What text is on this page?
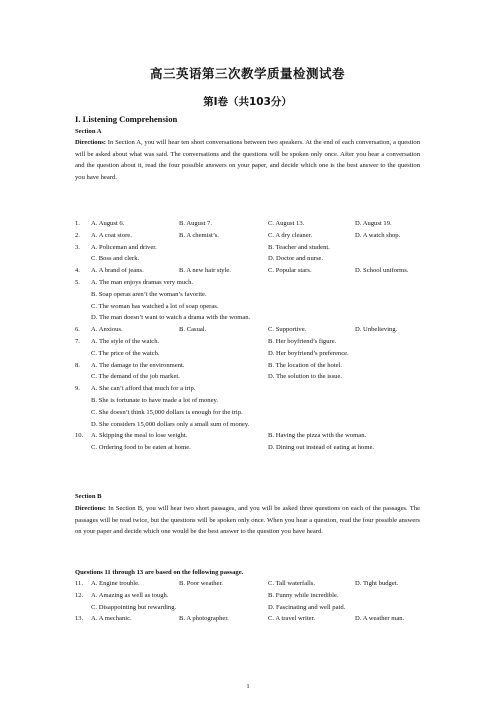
高三英语第三次教学质量检测试卷
第I卷（共103分）
I. Listening Comprehension
Section A
Directions: In Section A, you will hear ten short conversations between two speakers. At the end of each conversation, a question will be asked about what was said. The conversations and the questions will be spoken only once. After you hear a conversation and the question about it, read the four possible answers on your paper, and decide which one is the best answer to the question you have heard.
1. A. August 6.	B. August 7.	C. August 13.	D. August 19.
2. A. A coat store.	B. A chemist’s.	C. A dry cleaner.	D. A watch shop.
3. A. Policeman and driver.	B. Teacher and student.
C. Boss and clerk.	D. Doctor and nurse.
4. A. A brand of jeans.	B. A new hair style.	C. Popular stars.	D. School uniforms.
5. A. The man enjoys dramas very much.
B. Soap operas aren’t the woman’s favorite.
C. The woman has watched a lot of soap operas.
D. The man doesn’t want to watch a drama with the woman.
6. A. Anxious.	B. Casual.	C. Supportive.	D. Unbelieving.
7. A. The style of the watch.	B. Her boyfriend’s figure.
C. The price of the watch.	D. Her boyfriend’s preference.
8. A. The damage to the environment.	B. The location of the hotel.
C. The demand of the job market.	D. The solution to the issue.
9. A. She can’t afford that much for a trip.
B. She is fortunate to have made a lot of money.
C. She doesn’t think 15,000 dollars is enough for the trip.
D. She considers 15,000 dollars only a small sum of money.
10. A. Skipping the meal to lose weight.	B. Having the pizza with the woman.
C. Ordering food to be eaten at home.	D. Dining out instead of eating at home.
Section B
Directions: In Section B, you will hear two short passages, and you will be asked three questions on each of the passages. The passages will be read twice, but the questions will be spoken only once. When you hear a question, read the four possible answers on your paper and decide which one would be the best answer to the question you have heard.
Questions 11 through 13 are based on the following passage.
11. A. Engine trouble.	B. Poor weather.	C. Tall waterfalls.	D. Tight budget.
12. A. Amazing as well as tough.	B. Funny while incredible.
C. Disappointing but rewarding.	D. Fascinating and well paid.
13. A. A mechanic.	B. A photographer.	C. A travel writer.	D. A weather man.
1
